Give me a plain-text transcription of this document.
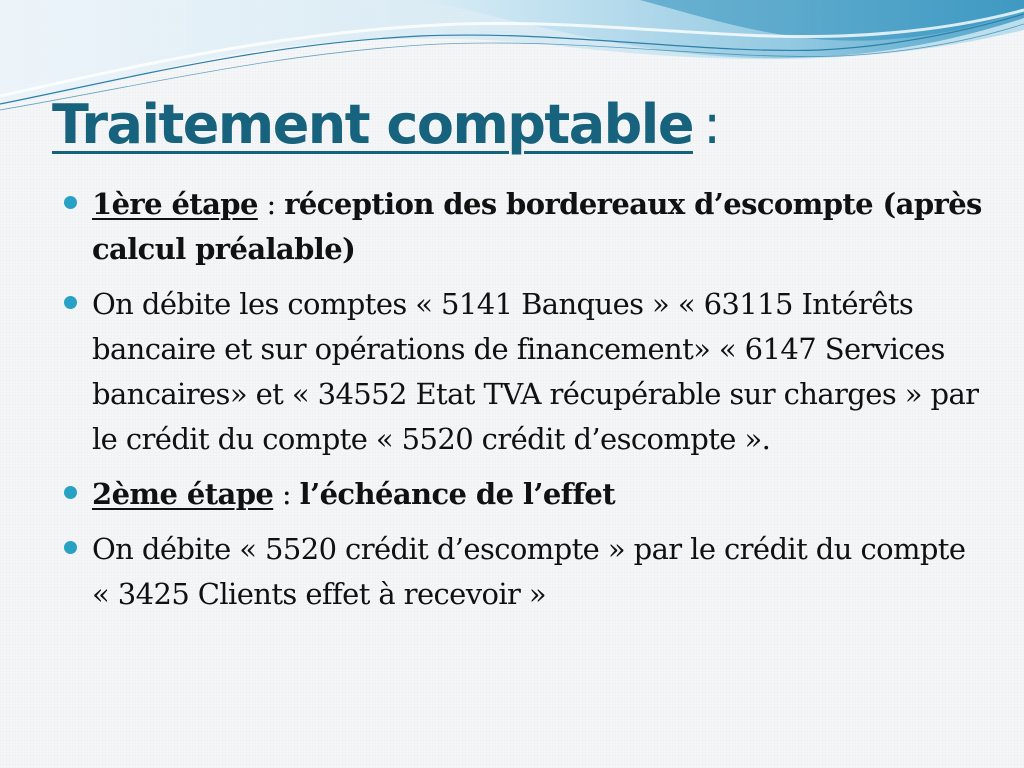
Traitement comptable :
1ère étape : réception des bordereaux d’escompte (après calcul préalable)
On débite les comptes « 5141 Banques » « 63115 Intérêts bancaire et sur opérations de financement» « 6147 Services bancaires» et « 34552 Etat TVA récupérable sur charges » par le crédit du compte « 5520 crédit d’escompte ».
2ème étape : l’échéance de l’effet
On débite « 5520 crédit d’escompte » par le crédit du compte « 3425 Clients effet à recevoir »
